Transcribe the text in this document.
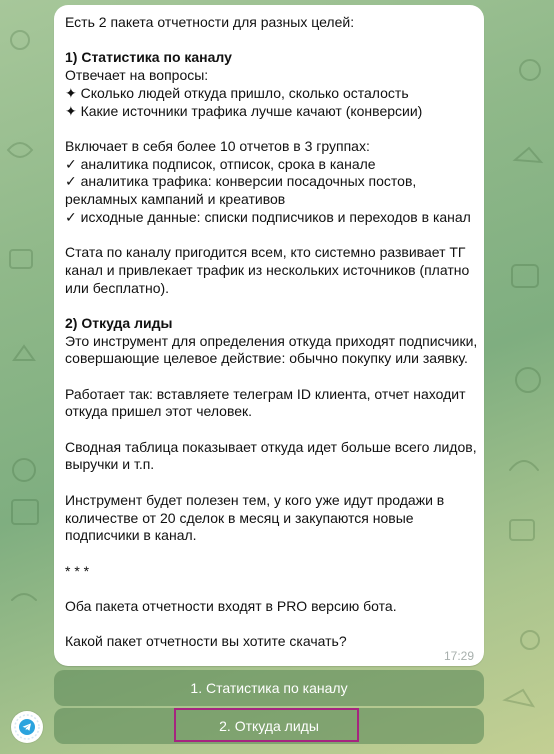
Есть 2 пакета отчетности для разных целей:
1) Статистика по каналу
Отвечает на вопросы:
✦ Сколько людей откуда пришло, сколько осталость
✦ Какие источники трафика лучше качают (конверсии)
Включает в себя более 10 отчетов в 3 группах:
✓ аналитика подписок, отписок, срока в канале
✓ аналитика трафика: конверсии посадочных постов,
рекламных кампаний и креативов
✓ исходные данные: списки подписчиков и переходов в канал
Стата по каналу пригодится всем, кто системно развивает ТГ
канал и привлекает трафик из нескольких источников (платно
или бесплатно).
2) Откуда лиды
Это инструмент для определения откуда приходят подписчики,
совершающие целевое действие: обычно покупку или заявку.
Работает так: вставляете телеграм ID клиента, отчет находит
откуда пришел этот человек.
Сводная таблица показывает откуда идет больше всего лидов,
выручки и т.п.
Инструмент будет полезен тем, у кого уже идут продажи в
количестве от 20 сделок в месяц и закупаются новые
подписчики в канал.
* * *
Оба пакета отчетности входят в PRO версию бота.
Какой пакет отчетности вы хотите скачать?
17:29
1. Статистика по каналу
2. Откуда лиды
